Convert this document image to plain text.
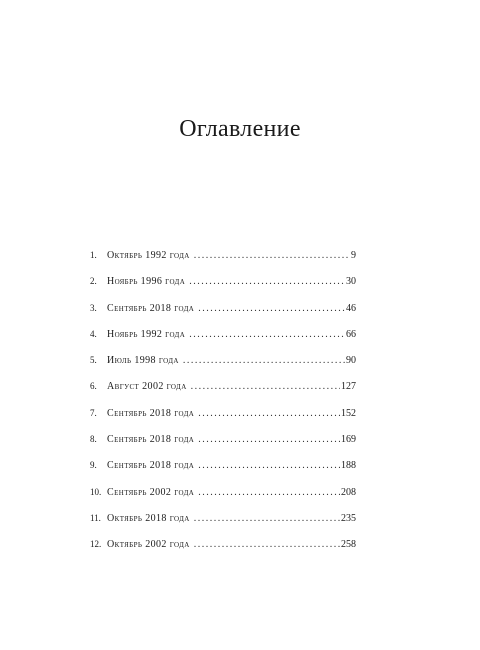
Оглавление
1.	Октябрь 1992 года . . .	9
2.	Ноябрь 1996 года . . .	30
3.	Сентябрь 2018 года . . .	46
4.	Ноябрь 1992 года . . .	66
5.	Июль 1998 года . . .	90
6.	Август 2002 года . . .	127
7.	Сентябрь 2018 года . . .	152
8.	Сентябрь 2018 года . . .	169
9.	Сентябрь 2018 года . . .	188
10. Сентябрь 2002 года . . .	208
11. Октябрь 2018 года . . .	235
12. Октябрь 2002 года . . .	258
